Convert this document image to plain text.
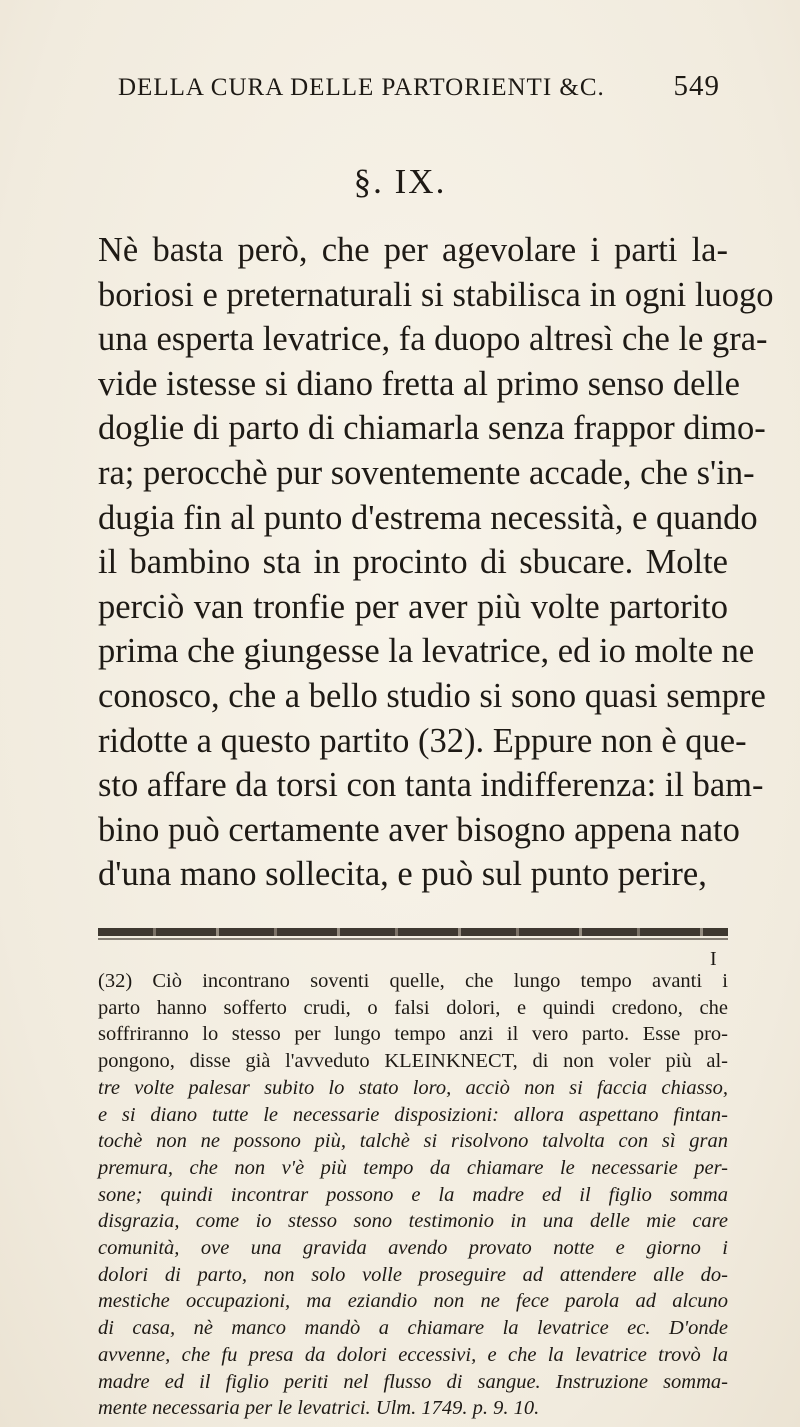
DELLA CURA DELLE PARTORIENTI &C. 549
§. IX.
Nè basta però, che per agevolare i parti la-
boriosi e preternaturali si stabilisca in ogni luogo
una esperta levatrice, fa duopo altresì che le gra-
vide istesse si diano fretta al primo senso delle
doglie di parto di chiamarla senza frappor dimo-
ra; perocchè pur soventemente accade, che s'in-
dugia fin al punto d'estrema necessità, e quando
il bambino sta in procinto di sbucare. Molte
perciò van tronfie per aver più volte partorito
prima che giungesse la levatrice, ed io molte ne
conosco, che a bello studio si sono quasi sempre
ridotte a questo partito (32). Eppure non è que-
sto affare da torsi con tanta indifferenza: il bam-
bino può certamente aver bisogno appena nato
d'una mano sollecita, e può sul punto perire,
I
(32) Ciò incontrano soventi quelle, che lungo tempo avanti i
parto hanno sofferto crudi, o falsi dolori, e quindi credono, che
soffriranno lo stesso per lungo tempo anzi il vero parto. Esse pro-
pongono, disse già l'avveduto KLEINKNECT, di non voler più al-
tre volte palesar subito lo stato loro, acciò non si faccia chiasso,
e si diano tutte le necessarie disposizioni: allora aspettano fintan-
tochè non ne possono più, talchè si risolvono talvolta con sì gran
premura, che non v'è più tempo da chiamare le necessarie per-
sone; quindi incontrar possono e la madre ed il figlio somma
disgrazia, come io stesso sono testimonio in una delle mie care
comunità, ove una gravida avendo provato notte e giorno i
dolori di parto, non solo volle proseguire ad attendere alle do-
mestiche occupazioni, ma eziandio non ne fece parola ad alcuno
di casa, nè manco mandò a chiamare la levatrice ec. D'onde
avvenne, che fu presa da dolori eccessivi, e che la levatrice trovò la
madre ed il figlio periti nel flusso di sangue. Instruzione somma-
mente necessaria per le levatrici. Ulm. 1749. p. 9. 10.
